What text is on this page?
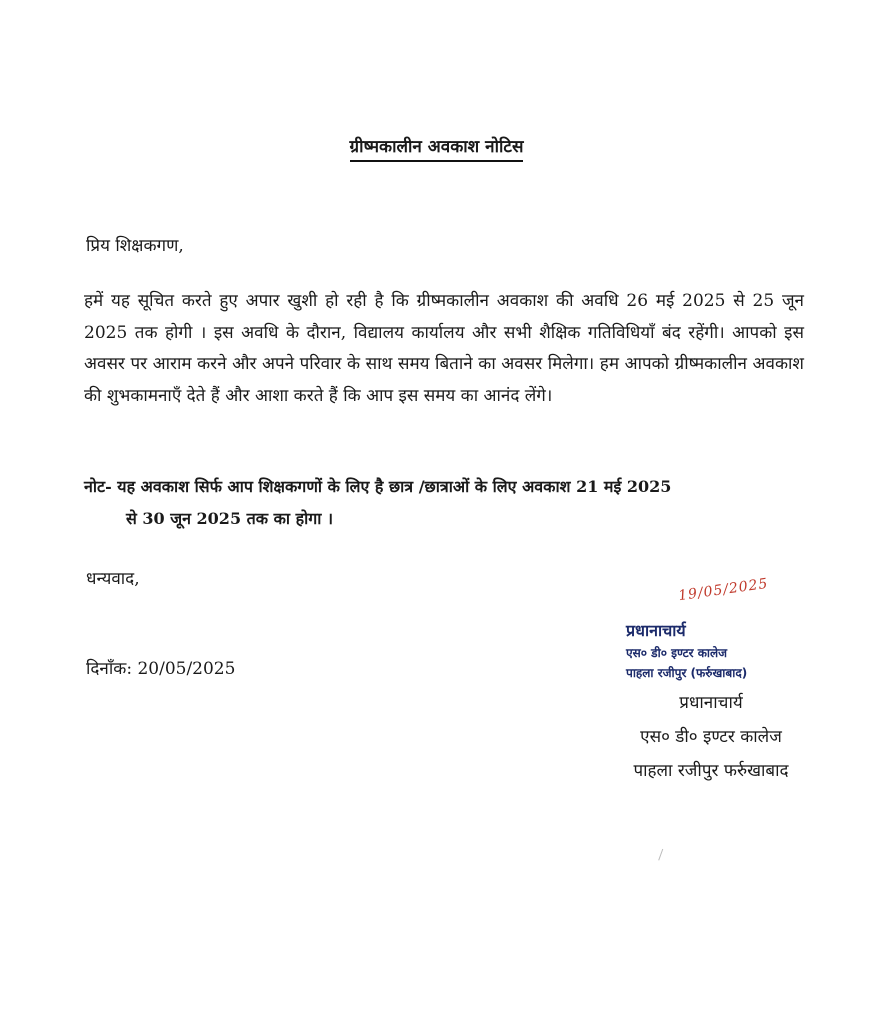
ग्रीष्मकालीन अवकाश नोटिस
प्रिय शिक्षकगण,
हमें यह सूचित करते हुए अपार खुशी हो रही है कि ग्रीष्मकालीन अवकाश की अवधि 26 मई 2025 से 25 जून 2025 तक होगी । इस अवधि के दौरान, विद्यालय कार्यालय और सभी शैक्षिक गतिविधियाँ बंद रहेंगी। आपको इस अवसर पर आराम करने और अपने परिवार के साथ समय बिताने का अवसर मिलेगा। हम आपको ग्रीष्मकालीन अवकाश की शुभकामनाएँ देते हैं और आशा करते हैं कि आप इस समय का आनंद लेंगे।
नोट- यह अवकाश सिर्फ आप शिक्षकगणों के लिए है छात्र /छात्राओं के लिए अवकाश 21 मई 2025
से 30 जून 2025 तक का होगा ।
धन्यवाद,
दिनाँक: 20/05/2025
19/05/2025
प्रधानाचार्य
एस० डी० इण्टर कालेज
पाहला रजीपुर (फर्रुखाबाद)
प्रधानाचार्य
एस० डी० इण्टर कालेज
पाहला रजीपुर फर्रुखाबाद
